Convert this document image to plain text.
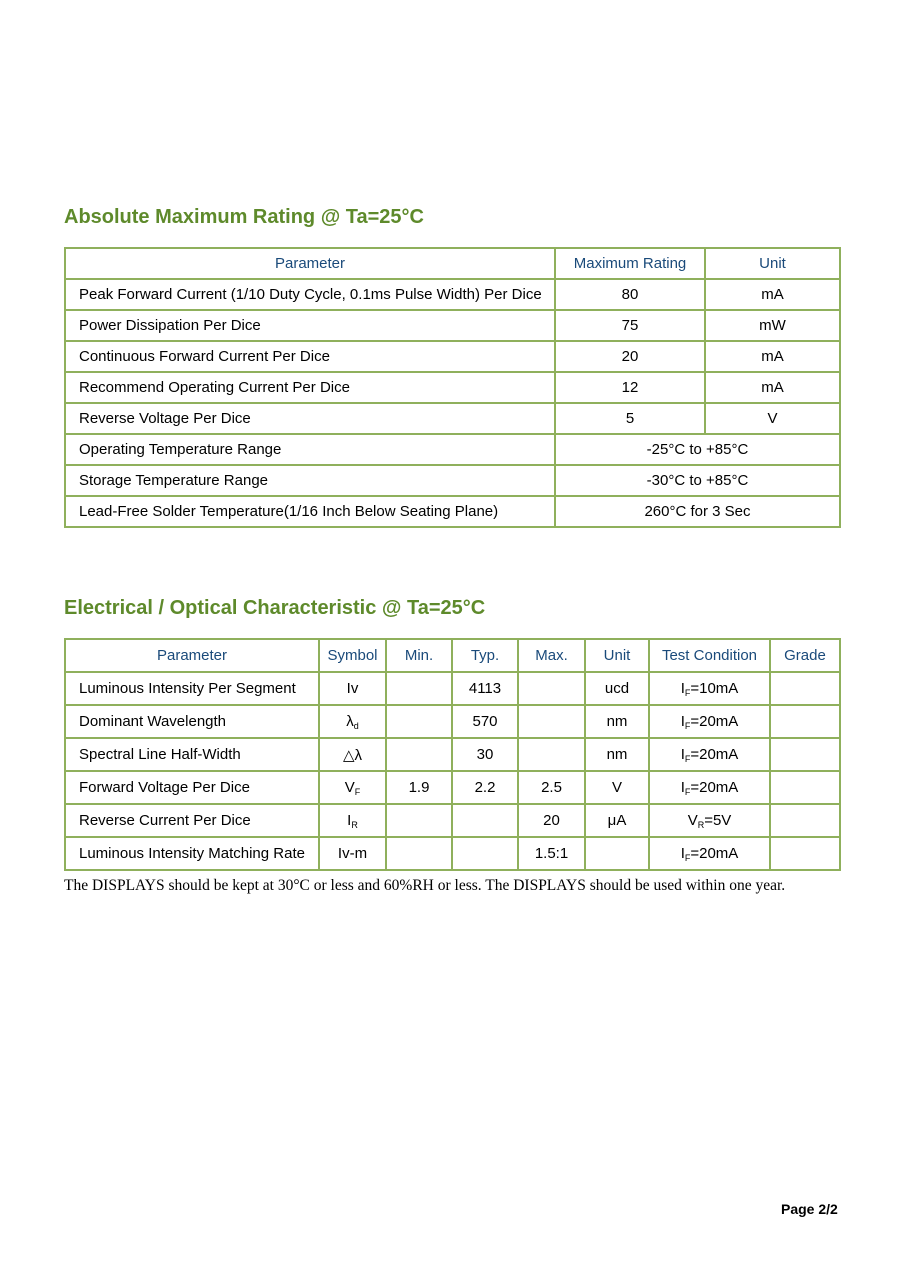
Absolute Maximum Rating @ Ta=25°C
Parameter	Maximum Rating	Unit
Peak Forward Current (1/10 Duty Cycle, 0.1ms Pulse Width) Per Dice	80	mA
Power Dissipation Per Dice	75	mW
Continuous Forward Current Per Dice	20	mA
Recommend Operating Current Per Dice	12	mA
Reverse Voltage Per Dice	5	V
Operating Temperature Range	-25°C to +85°C	
Storage Temperature Range	-30°C to +85°C	
Lead-Free Solder Temperature(1/16 Inch Below Seating Plane)	260°C for 3 Sec	
Electrical / Optical Characteristic @ Ta=25°C
Parameter	Symbol	Min.	Typ.	Max.	Unit	Test Condition	Grade
Luminous Intensity Per Segment	Iv		4113		ucd	$I_F=10mA$	
Dominant Wavelength	$\lambda_d$		570		nm	$I_F=20mA$	
Spectral Line Half-Width	△λ		30		nm	$I_F=20mA$	
Forward Voltage Per Dice	$V_F$	1.9	2.2	2.5	V	$I_F=20mA$	
Reverse Current Per Dice	$I_R$			20	μA	$V_R=5V$	
Luminous Intensity Matching Rate	Iv-m			1.5:1		$I_F=20mA$	

The DISPLAYS should be kept at 30°C or less and 60%RH or less. The DISPLAYS should be used within one year.

Page 2/2
